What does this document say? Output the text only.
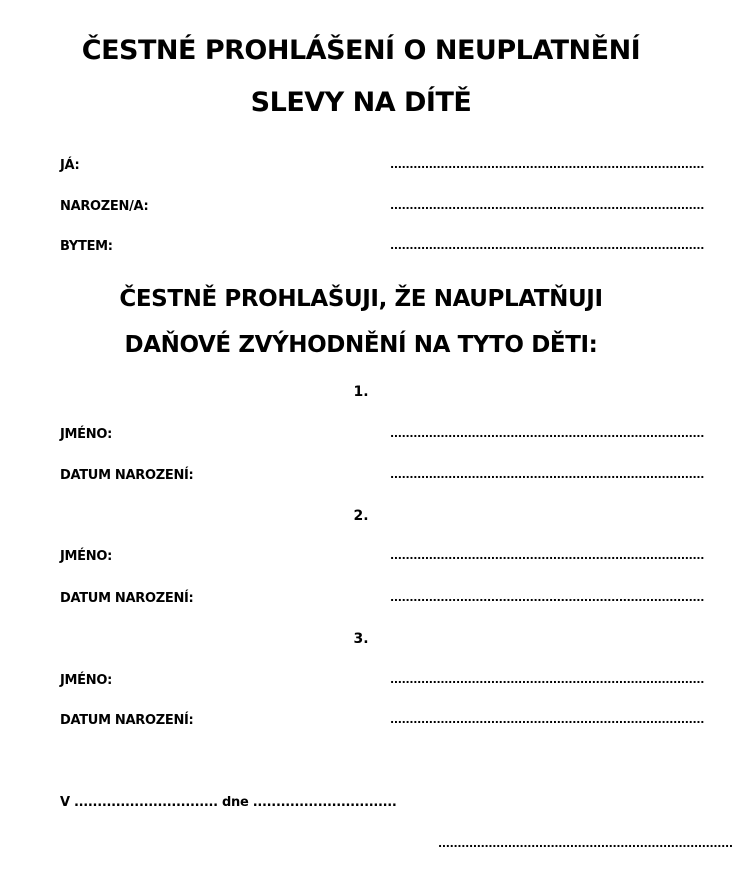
ČESTNÉ PROHLÁŠENÍ O NEUPLATNĚNÍ
SLEVY NA DÍTĚ
JÁ:	.................................................................................
NAROZEN/A:	.................................................................................
BYTEM:	.................................................................................
ČESTNĚ PROHLAŠUJI, ŽE NAUPLATŇUJI
DAŇOVÉ ZVÝHODNĚNÍ NA TYTO DĚTI:
1.
JMÉNO:	.................................................................................
DATUM NAROZENÍ:	.................................................................................
2.
JMÉNO:	.................................................................................
DATUM NAROZENÍ:	.................................................................................
3.
JMÉNO:	.................................................................................
DATUM NAROZENÍ:	.................................................................................
V ............................... dne ...............................
............................................................................
